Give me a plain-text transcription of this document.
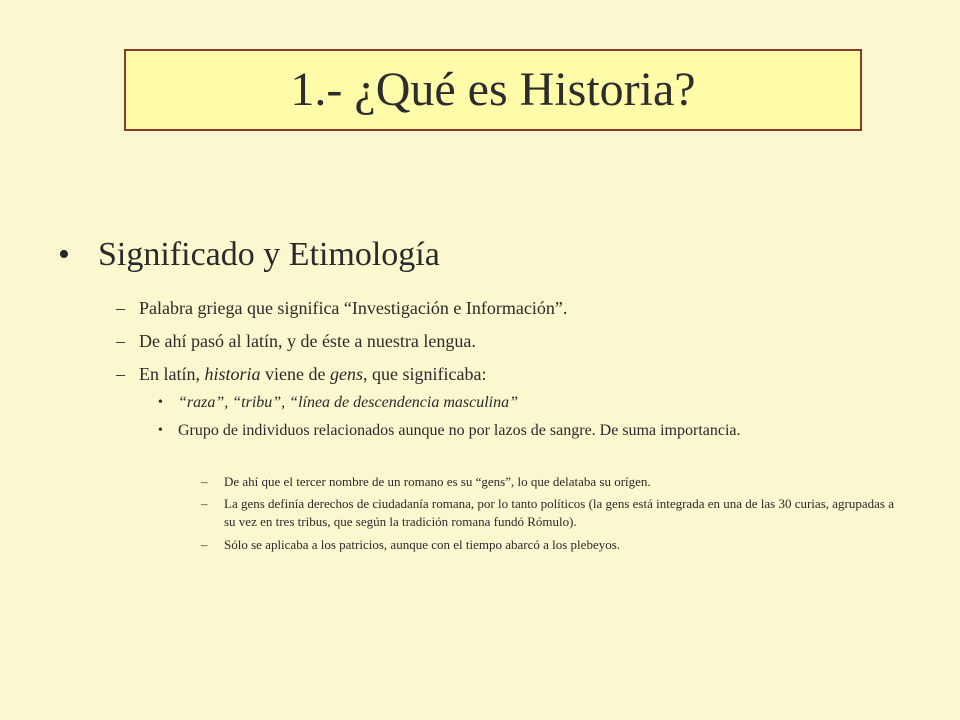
1.- ¿Qué es Historia?
• Significado y Etimología
– Palabra griega que significa “Investigación e Información”.
– De ahí pasó al latín, y de éste a nuestra lengua.
– En latín, historia viene de gens, que significaba:
• “raza”, “tribu”, “línea de descendencia masculina”
• Grupo de individuos relacionados aunque no por lazos de sangre. De suma importancia.
– De ahí que el tercer nombre de un romano es su “gens”, lo que delataba su orígen.
– La gens definía derechos de ciudadanía romana, por lo tanto políticos (la gens está integrada en una de las 30 curias, agrupadas a su vez en tres tribus, que según la tradición romana fundó Rómulo).
– Sólo se aplicaba a los patricios, aunque con el tiempo abarcó a los plebeyos.
